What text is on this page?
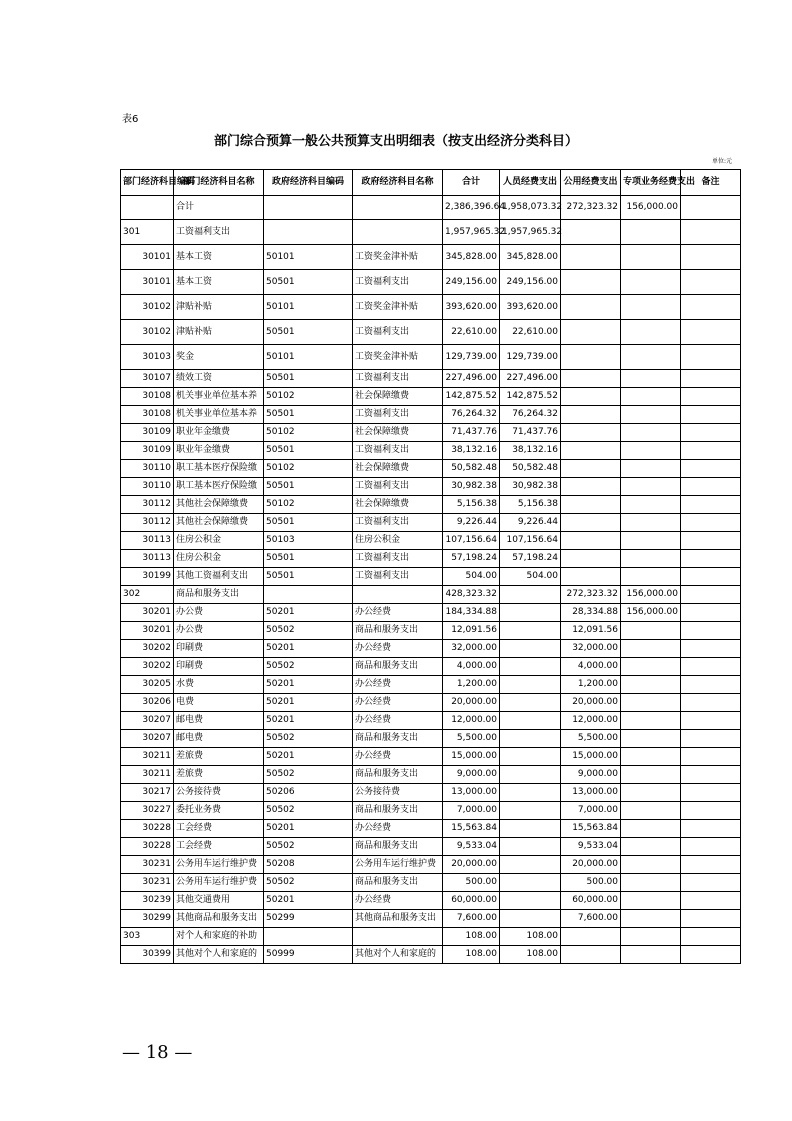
表6
部门综合预算一般公共预算支出明细表（按支出经济分类科目）
单位:元
部门经济科目编码	部门经济科目名称	政府经济科目编码	政府经济科目名称	合计	人员经费支出	公用经费支出	专项业务经费支出	备注
	合计			2,386,396.64	1,958,073.32	272,323.32	156,000.00	
301	工资福利支出			1,957,965.32	1,957,965.32			
30101	基本工资	50101	工资奖金津补贴	345,828.00	345,828.00			
30101	基本工资	50501	工资福利支出	249,156.00	249,156.00			
30102	津贴补贴	50101	工资奖金津补贴	393,620.00	393,620.00			
30102	津贴补贴	50501	工资福利支出	22,610.00	22,610.00			
30103	奖金	50101	工资奖金津补贴	129,739.00	129,739.00			
30107	绩效工资	50501	工资福利支出	227,496.00	227,496.00			
30108	机关事业单位基本养	50102	社会保障缴费	142,875.52	142,875.52			
30108	机关事业单位基本养	50501	工资福利支出	76,264.32	76,264.32			
30109	职业年金缴费	50102	社会保障缴费	71,437.76	71,437.76			
30109	职业年金缴费	50501	工资福利支出	38,132.16	38,132.16			
30110	职工基本医疗保险缴	50102	社会保障缴费	50,582.48	50,582.48			
30110	职工基本医疗保险缴	50501	工资福利支出	30,982.38	30,982.38			
30112	其他社会保障缴费	50102	社会保障缴费	5,156.38	5,156.38			
30112	其他社会保障缴费	50501	工资福利支出	9,226.44	9,226.44			
30113	住房公积金	50103	住房公积金	107,156.64	107,156.64			
30113	住房公积金	50501	工资福利支出	57,198.24	57,198.24			
30199	其他工资福利支出	50501	工资福利支出	504.00	504.00			
302	商品和服务支出			428,323.32		272,323.32	156,000.00	
30201	办公费	50201	办公经费	184,334.88		28,334.88	156,000.00	
30201	办公费	50502	商品和服务支出	12,091.56		12,091.56		
30202	印刷费	50201	办公经费	32,000.00		32,000.00		
30202	印刷费	50502	商品和服务支出	4,000.00		4,000.00		
30205	水费	50201	办公经费	1,200.00		1,200.00		
30206	电费	50201	办公经费	20,000.00		20,000.00		
30207	邮电费	50201	办公经费	12,000.00		12,000.00		
30207	邮电费	50502	商品和服务支出	5,500.00		5,500.00		
30211	差旅费	50201	办公经费	15,000.00		15,000.00		
30211	差旅费	50502	商品和服务支出	9,000.00		9,000.00		
30217	公务接待费	50206	公务接待费	13,000.00		13,000.00		
30227	委托业务费	50502	商品和服务支出	7,000.00		7,000.00		
30228	工会经费	50201	办公经费	15,563.84		15,563.84		
30228	工会经费	50502	商品和服务支出	9,533.04		9,533.04		
30231	公务用车运行维护费	50208	公务用车运行维护费	20,000.00		20,000.00		
30231	公务用车运行维护费	50502	商品和服务支出	500.00		500.00		
30239	其他交通费用	50201	办公经费	60,000.00		60,000.00		
30299	其他商品和服务支出	50299	其他商品和服务支出	7,600.00		7,600.00		
303	对个人和家庭的补助			108.00	108.00			
30399	其他对个人和家庭的	50999	其他对个人和家庭的	108.00	108.00			
— 18 —
